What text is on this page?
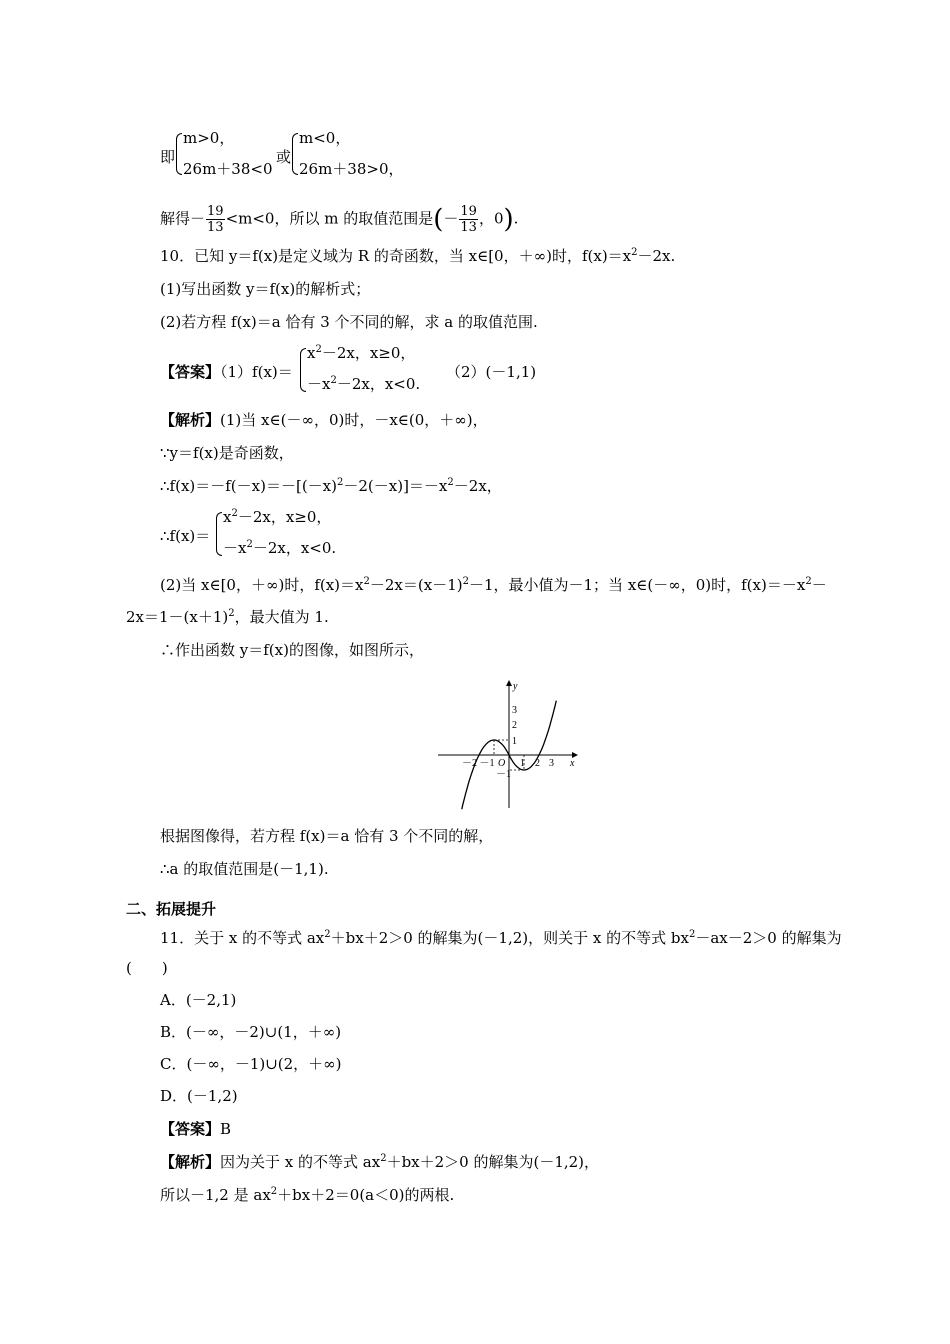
即
m>0，
26m＋38<0
或
m<0，
26m＋38>0，
解得－ $\frac{19}{13} <m<0$，所以 m 的取值范围是(－ $\frac{19}{13}$ ，0).
10．已知 y＝f(x)是定义域为 R 的奇函数，当 x∈[0，＋∞)时，$f(x)=x^2-2x$.
(1)写出函数 y＝f(x)的解析式；
(2)若方程 f(x)＝a 恰有 3 个不同的解，求 a 的取值范围.
【答案】（1）f(x)＝
$x^2-2x$，x≥0，
$-x^2-2x$，x<0.
（2）(－1,1)
【解析】(1)当 x∈(－∞，0)时，－x∈(0，＋∞)，
∵y＝f(x)是奇函数，
$\therefore f(x)=-f(-x)=-[(-x)^2-2(-x)]=-x^2-2x$，
∴f(x)＝
$x^2-2x$，x≥0，
$-x^2-2x$，x<0.
(2)当 x∈[0，＋∞)时，$f(x)=x^2-2x=(x-1)^2-1$，最小值为－1；当 x∈(－∞，0)时，$f(x)=-x^2-$
$2x=1-(x+1)^2$，最大值为 1.
∴作出函数 y＝f(x)的图像，如图所示，
y
x
3
2
1
－1
－2 －1 O 1 2 3
根据图像得，若方程 f(x)＝a 恰有 3 个不同的解，
∴a 的取值范围是(－1,1).
二、拓展提升
11．关于 x 的不等式 $ax^2+bx+2>0$ 的解集为(－1,2)，则关于 x 的不等式 $bx^2-ax-2>0$ 的解集为
(　　)
A．(－2,1)
B．(－∞，－2)∪(1，＋∞)
C．(－∞，－1)∪(2，＋∞)
D．(－1,2)
【答案】B
【解析】因为关于 x 的不等式 $ax^2+bx+2>0$ 的解集为(－1,2)，
所以－1,2 是 $ax^2+bx+2=0(a<0)$的两根.
